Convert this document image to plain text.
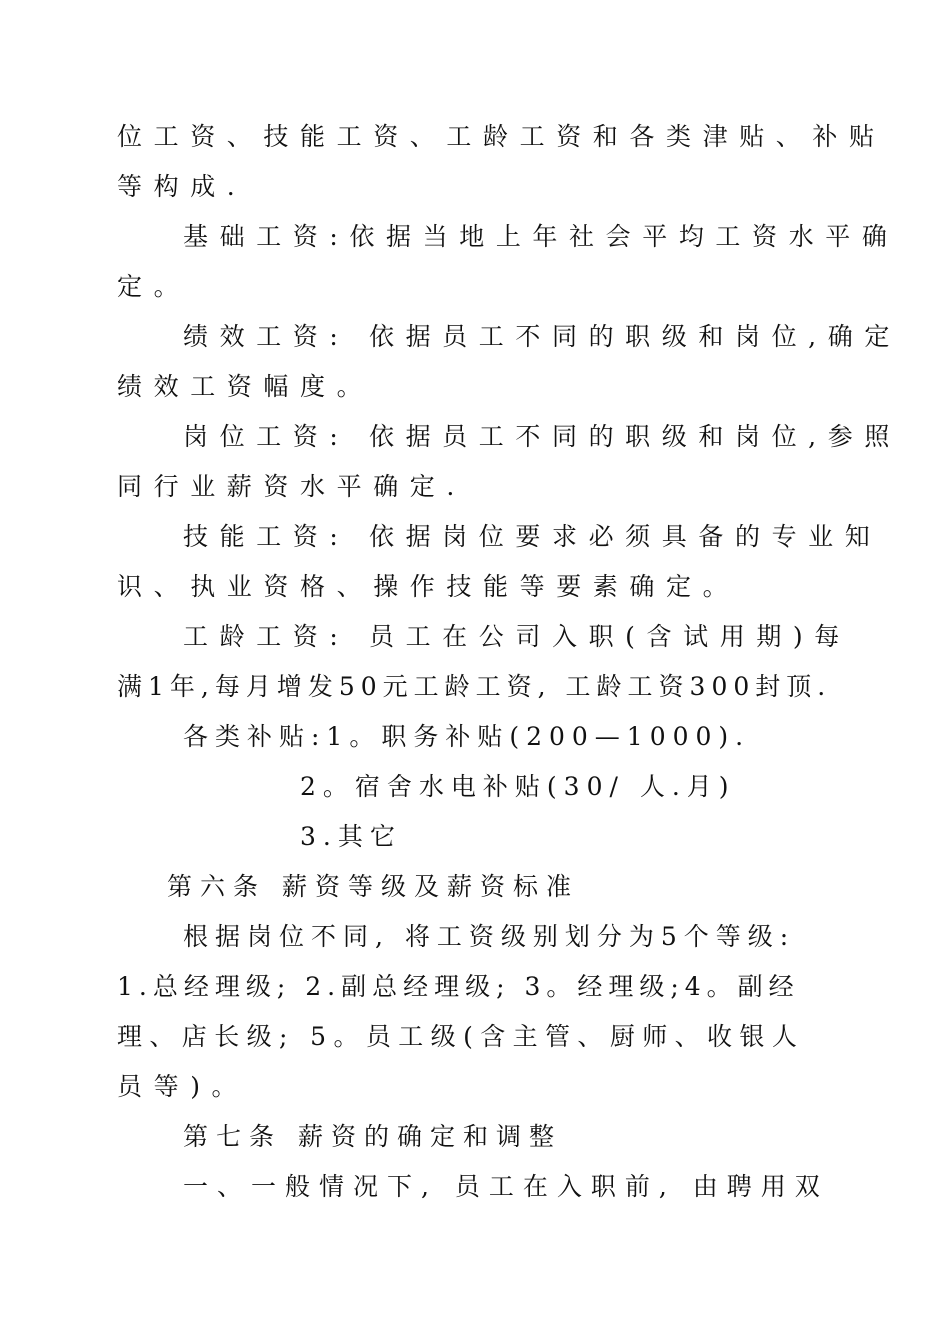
位工资、技能工资、工龄工资和各类津贴、补贴
等构成.
基础工资:依据当地上年社会平均工资水平确
定。
绩效工资: 依据员工不同的职级和岗位,确定
绩效工资幅度。
岗位工资: 依据员工不同的职级和岗位,参照
同行业薪资水平确定.
技能工资: 依据岗位要求必须具备的专业知
识、执业资格、操作技能等要素确定。
工龄工资: 员工在公司入职(含试用期)每
满1年,每月增发50元工龄工资, 工龄工资300封顶.
各类补贴:1。职务补贴(200—1000).
2。宿舍水电补贴(30/ 人.月)
3.其它
第六条 薪资等级及薪资标准
根据岗位不同, 将工资级别划分为5个等级:
1.总经理级; 2.副总经理级; 3。经理级;4。副经
理、店长级; 5。员工级(含主管、厨师、收银人
员等)。
第七条 薪资的确定和调整
一、一般情况下, 员工在入职前, 由聘用双
